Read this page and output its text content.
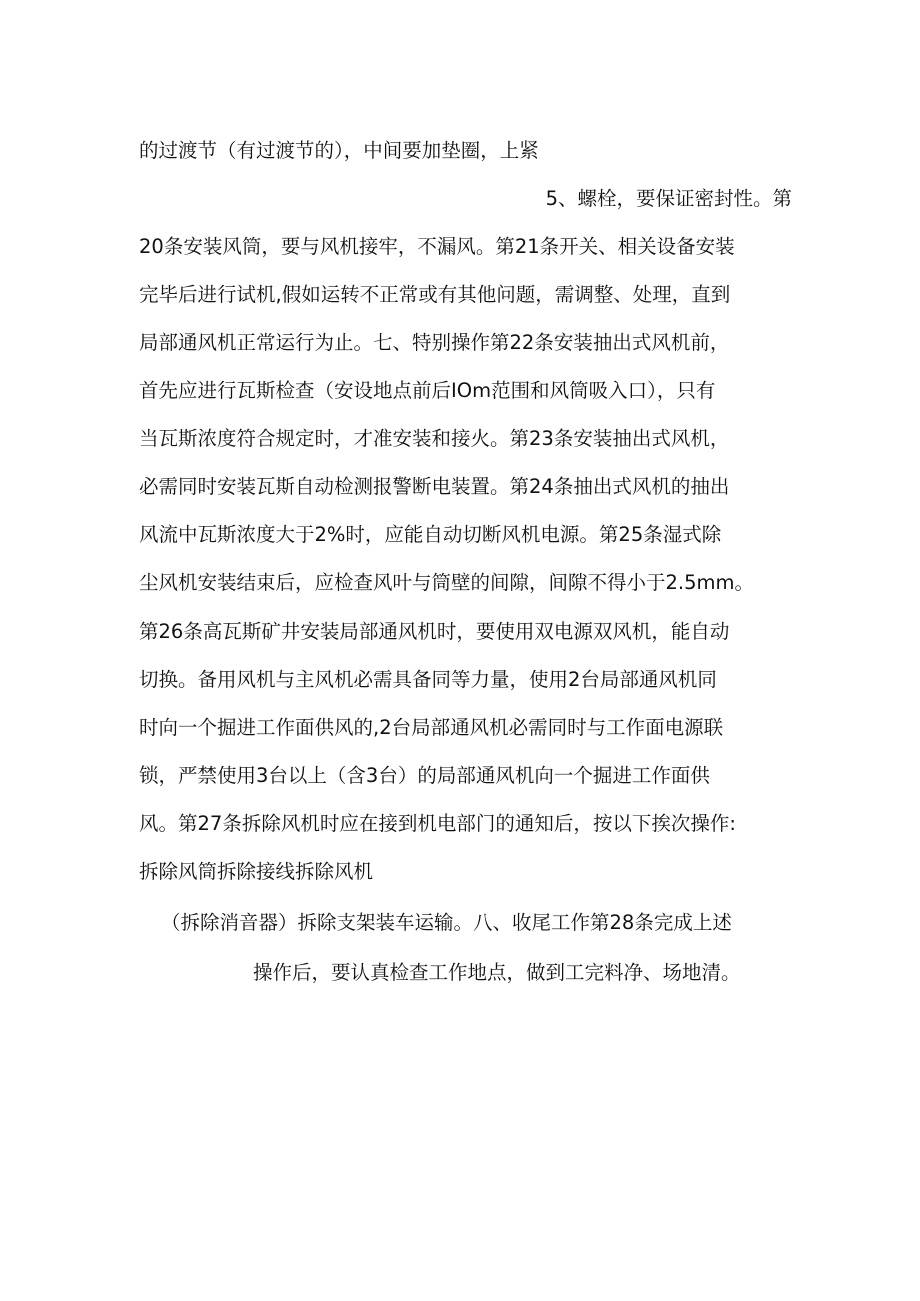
的过渡节（有过渡节的），中间要加垫圈，上紧
5、螺栓，要保证密封性。第
20条安装风筒，要与风机接牢，不漏风。第21条开关、相关设备安装
完毕后进行试机,假如运转不正常或有其他问题，需调整、处理，直到
局部通风机正常运行为止。七、特别操作第22条安装抽出式风机前，
首先应进行瓦斯检查（安设地点前后IOm范围和风筒吸入口），只有
当瓦斯浓度符合规定时，才准安装和接火。第23条安装抽出式风机，
必需同时安装瓦斯自动检测报警断电装置。第24条抽出式风机的抽出
风流中瓦斯浓度大于2%时，应能自动切断风机电源。第25条湿式除
尘风机安装结束后，应检查风叶与筒壁的间隙，间隙不得小于2.5mm。
第26条高瓦斯矿井安装局部通风机时，要使用双电源双风机，能自动
切换。备用风机与主风机必需具备同等力量，使用2台局部通风机同
时向一个掘进工作面供风的,2台局部通风机必需同时与工作面电源联
锁，严禁使用3台以上（含3台）的局部通风机向一个掘进工作面供
风。第27条拆除风机时应在接到机电部门的通知后，按以下挨次操作:
拆除风筒拆除接线拆除风机
（拆除消音器）拆除支架装车运输。八、收尾工作第28条完成上述
操作后，要认真检查工作地点，做到工完料净、场地清。
